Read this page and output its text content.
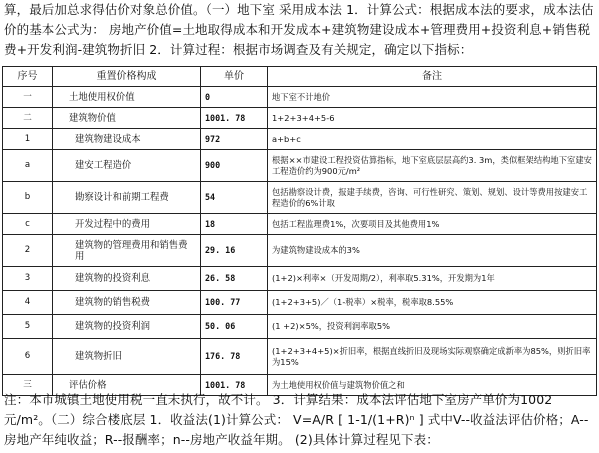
算，最后加总求得估价对象总价值。（一）地下室 采用成本法 1．计算公式：根据成本法的要求，成本法估价的基本公式为： 房地产价值=土地取得成本和开发成本+建筑物建设成本+管理费用+投资利息+销售税费+开发利润-建筑物折旧 2．计算过程：根据市场调查及有关规定，确定以下指标：
序号	重置价格构成	单价	备注
一	土地使用权价值	0	地下室不计地价
二	建筑物价值	1001. 78	1+2+3+4+5-6
1	建筑物建设成本	972	a+b+c
a	建安工程造价	900	根据××市建设工程投资估算指标，地下室底层层高约3. 3m，类似框架结构地下室建安工程造价约为900元/m²
b	勘察设计和前期工程费	54	包括勘察设计费，报建手续费，咨询、可行性研究、策划、规划、设计等费用按建安工程造价的6%计取
c	开发过程中的费用	18	包括工程监理费1%，次要项目及其他费用1%
2	建筑物的管理费用和销售费用	29. 16	为建筑物建设成本的3%
3	建筑物的投资利息	26. 58	(1+2)×利率×（开发周期/2），利率取5.31%，开发期为1年
4	建筑物的销售税费	100. 77	(1+2+3+5)／（1-税率）×税率，税率取8.55%
5	建筑物的投资利润	50. 06	(1 +2)×5%，投资利润率取5%
6	建筑物折旧	176. 78	(1+2+3+4+5)×折旧率，根据直线折旧及现场实际观察确定成新率为85%，则折旧率为15%
三	评估价格	1001. 78	为土地使用权价值与建筑物价值之和
注：本市城镇土地使用税一直未执行，故不计。 3．计算结果：成本法评估地下室房产单价为1002元/m²。（二）综合楼底层 1．收益法(1)计算公式： V=A/R [ 1-1/(1+R)ⁿ ] 式中V--收益法评估价格；A--房地产年纯收益；R--报酬率；n--房地产收益年期。 (2)具体计算过程见下表：
